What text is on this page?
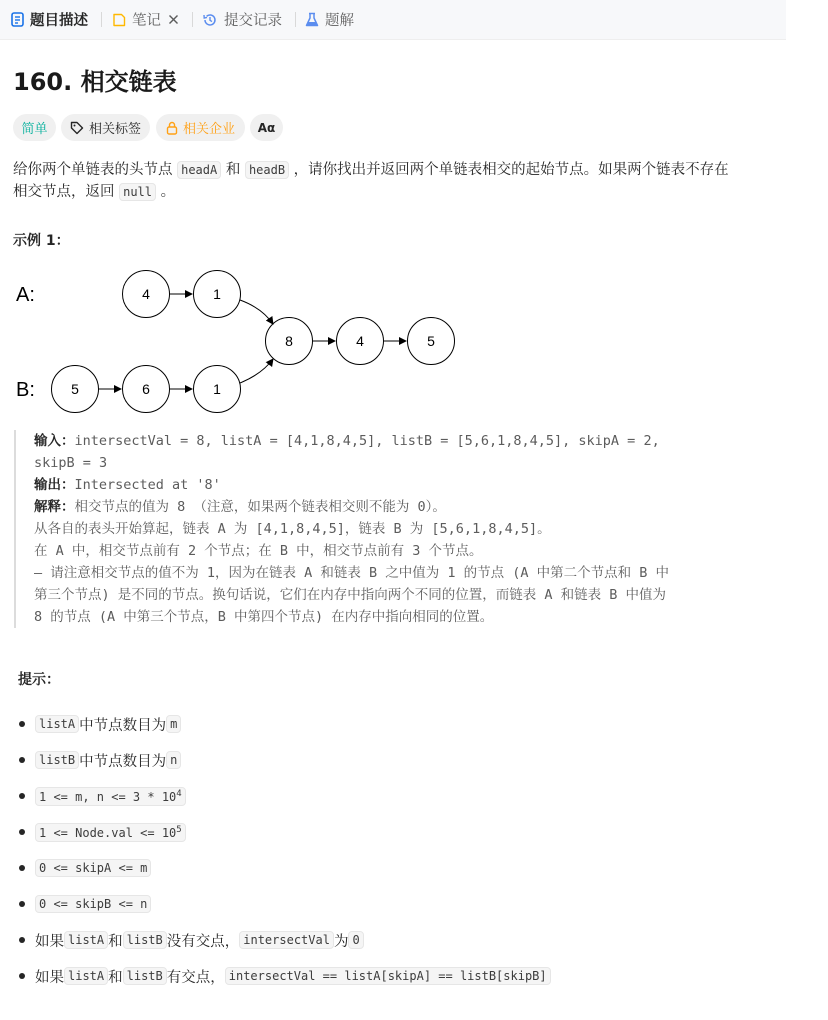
题目描述	笔记	提交记录	题解
160. 相交链表
简单	相关标签	相关企业 Aα
给你两个单链表的头节点 headA 和 headB ，请你找出并返回两个单链表相交的起始节点。如果两个链表不存在
相交节点，返回 null 。
示例 1：
A:
B:
4	1
5	6	1
8	4	5
输入：intersectVal = 8, listA = [4,1,8,4,5], listB = [5,6,1,8,4,5], skipA = 2,
skipB = 3
输出：Intersected at '8'
解释：相交节点的值为 8 （注意，如果两个链表相交则不能为 0）。
从各自的表头开始算起，链表 A 为 [4,1,8,4,5]，链表 B 为 [5,6,1,8,4,5]。
在 A 中，相交节点前有 2 个节点；在 B 中，相交节点前有 3 个节点。
— 请注意相交节点的值不为 1，因为在链表 A 和链表 B 之中值为 1 的节点 (A 中第二个节点和 B 中
第三个节点) 是不同的节点。换句话说，它们在内存中指向两个不同的位置，而链表 A 和链表 B 中值为
8 的节点 (A 中第三个节点，B 中第四个节点) 在内存中指向相同的位置。
提示：
listA 中节点数目为 m
listB 中节点数目为 n
1 <= m, $n <= 3 * 10^4$
1 <= Node.val <= $10^5$
0 <= skipA <= m
0 <= skipB <= n
如果 listA 和 listB 没有交点， intersectVal 为 0
如果 listA 和 listB 有交点， intersectVal == listA[skipA] == listB[skipB]
